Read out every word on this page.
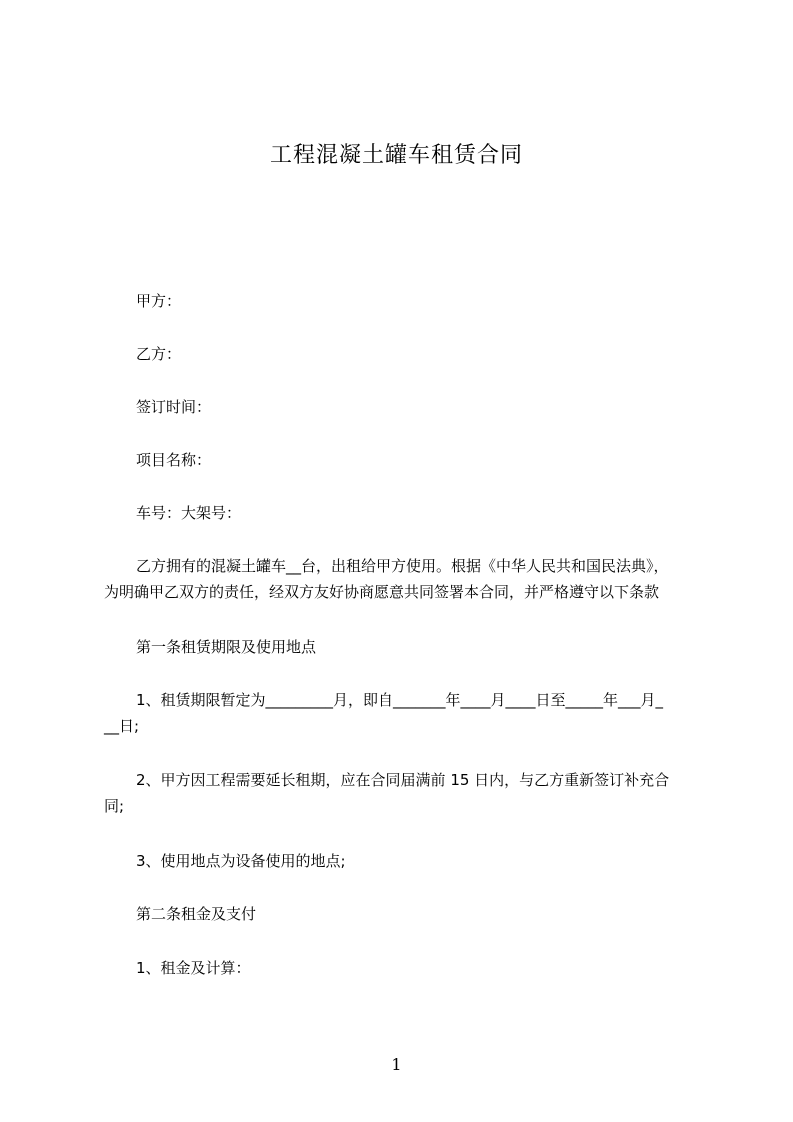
工程混凝土罐车租赁合同
甲方：
乙方：
签订时间：
项目名称：
车号：大架号：
乙方拥有的混凝土罐车__台，出租给甲方使用。根据《中华人民共和国民法典》，
为明确甲乙双方的责任，经双方友好协商愿意共同签署本合同，并严格遵守以下条款
第一条租赁期限及使用地点
1、租赁期限暂定为_________月，即自_______年____月____日至_____年___月_
__日;
2、甲方因工程需要延长租期，应在合同届满前 15 日内，与乙方重新签订补充合
同;
3、使用地点为设备使用的地点;
第二条租金及支付
1、租金及计算：
1
